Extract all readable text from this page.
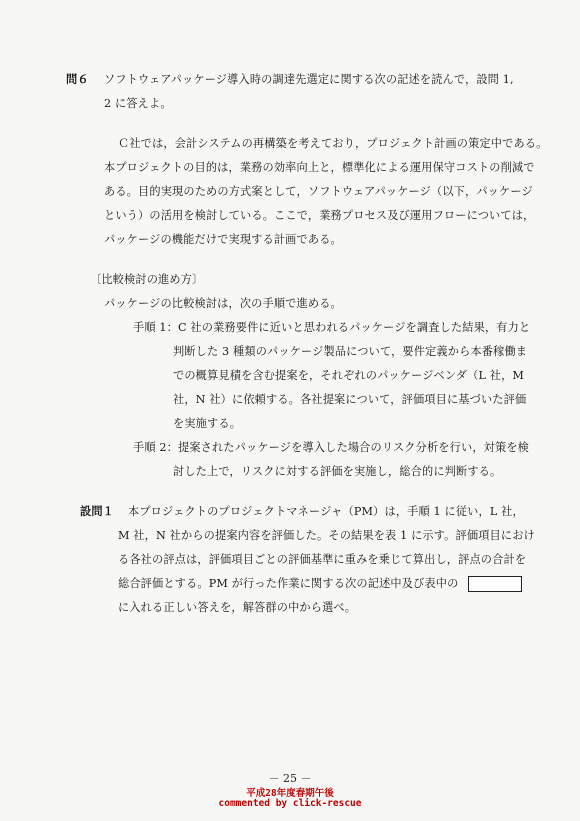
問６ ソフトウェアパッケージ導入時の調達先選定に関する次の記述を読んで，設問 1,
2 に答えよ。
Ｃ社では，会計システムの再構築を考えており，プロジェクト計画の策定中である。
本プロジェクトの目的は，業務の効率向上と，標準化による運用保守コストの削減で
ある。目的実現のための方式案として，ソフトウェアパッケージ（以下，パッケージ
という）の活用を検討している。ここで，業務プロセス及び運用フローについては，
パッケージの機能だけで実現する計画である。
〔比較検討の進め方〕
パッケージの比較検討は，次の手順で進める。
手順 1：C 社の業務要件に近いと思われるパッケージを調査した結果，有力と
判断した 3 種類のパッケージ製品について，要件定義から本番稼働ま
での概算見積を含む提案を，それぞれのパッケージベンダ（L 社，M
社，N 社）に依頼する。各社提案について，評価項目に基づいた評価
を実施する。
手順 2：提案されたパッケージを導入した場合のリスク分析を行い，対策を検
討した上で，リスクに対する評価を実施し，総合的に判断する。
設問１ 本プロジェクトのプロジェクトマネージャ（PM）は，手順 1 に従い，L 社，
M 社，N 社からの提案内容を評価した。その結果を表 1 に示す。評価項目におけ
る各社の評点は，評価項目ごとの評価基準に重みを乗じて算出し，評点の合計を
総合評価とする。PM が行った作業に関する次の記述中及び表中の
に入れる正しい答えを，解答群の中から選べ。
－ 25 －
平成28年度春期午後
commented by click-rescue
